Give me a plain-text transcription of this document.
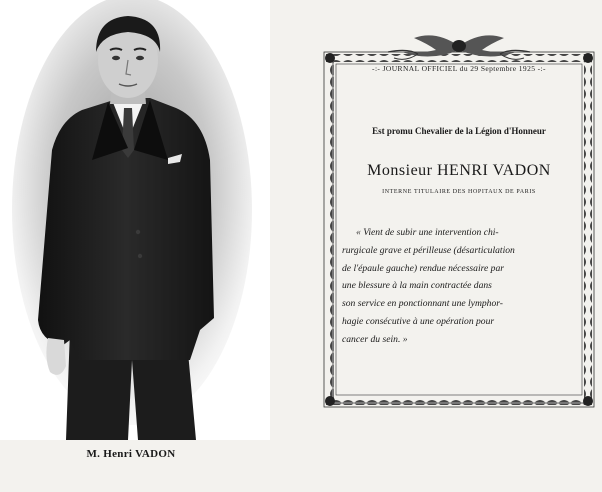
M. Henri VADON
-:- JOURNAL OFFICIEL du 29 Septembre 1925 -:-
Est promu Chevalier de la Légion d'Honneur
Monsieur HENRI VADON
INTERNE TITULAIRE DES HOPITAUX DE PARIS
« Vient de subir une intervention chi-
rurgicale grave et périlleuse (désarticulation
de l'épaule gauche) rendue nécessaire par
une blessure à la main contractée dans
son service en ponctionnant une lymphor-
hagie consécutive à une opération pour
cancer du sein. »
